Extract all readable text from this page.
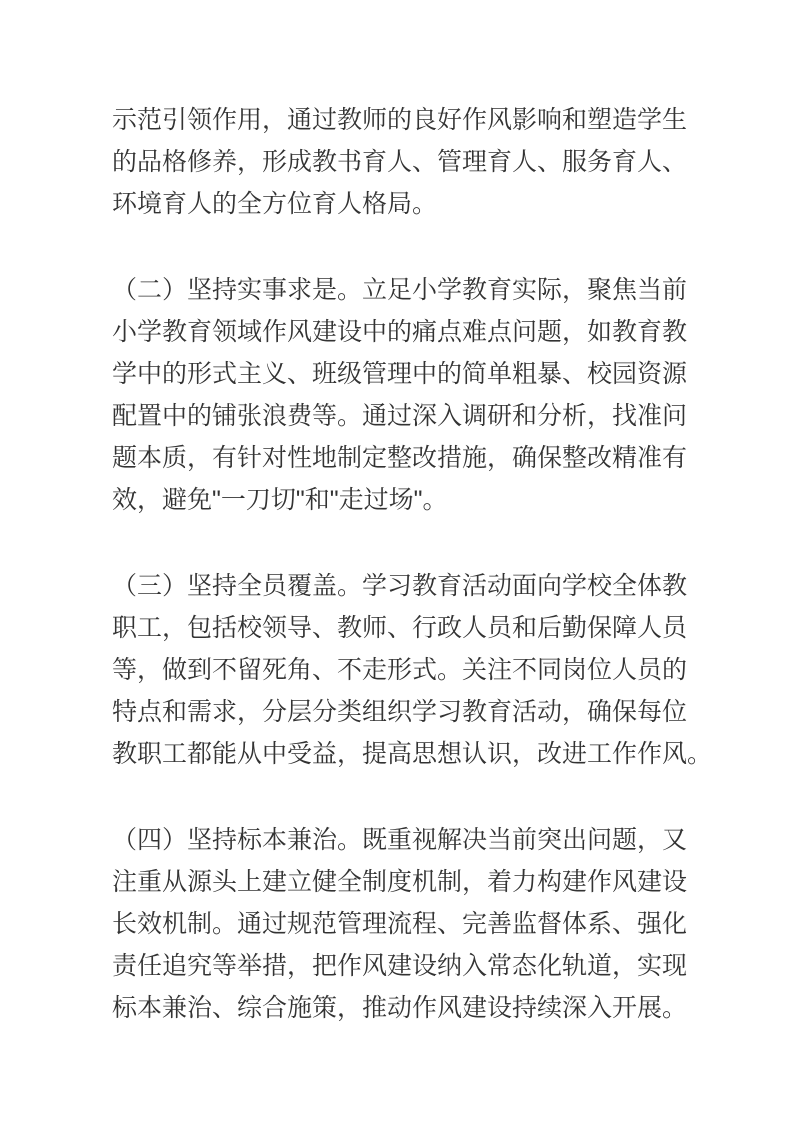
示范引领作用，通过教师的良好作风影响和塑造学生
的品格修养，形成教书育人、管理育人、服务育人、
环境育人的全方位育人格局。
（二）坚持实事求是。立足小学教育实际，聚焦当前
小学教育领域作风建设中的痛点难点问题，如教育教
学中的形式主义、班级管理中的简单粗暴、校园资源
配置中的铺张浪费等。通过深入调研和分析，找准问
题本质，有针对性地制定整改措施，确保整改精准有
效，避免"一刀切"和"走过场"。
（三）坚持全员覆盖。学习教育活动面向学校全体教
职工，包括校领导、教师、行政人员和后勤保障人员
等，做到不留死角、不走形式。关注不同岗位人员的
特点和需求，分层分类组织学习教育活动，确保每位
教职工都能从中受益，提高思想认识，改进工作作风。
（四）坚持标本兼治。既重视解决当前突出问题，又
注重从源头上建立健全制度机制，着力构建作风建设
长效机制。通过规范管理流程、完善监督体系、强化
责任追究等举措，把作风建设纳入常态化轨道，实现
标本兼治、综合施策，推动作风建设持续深入开展。
